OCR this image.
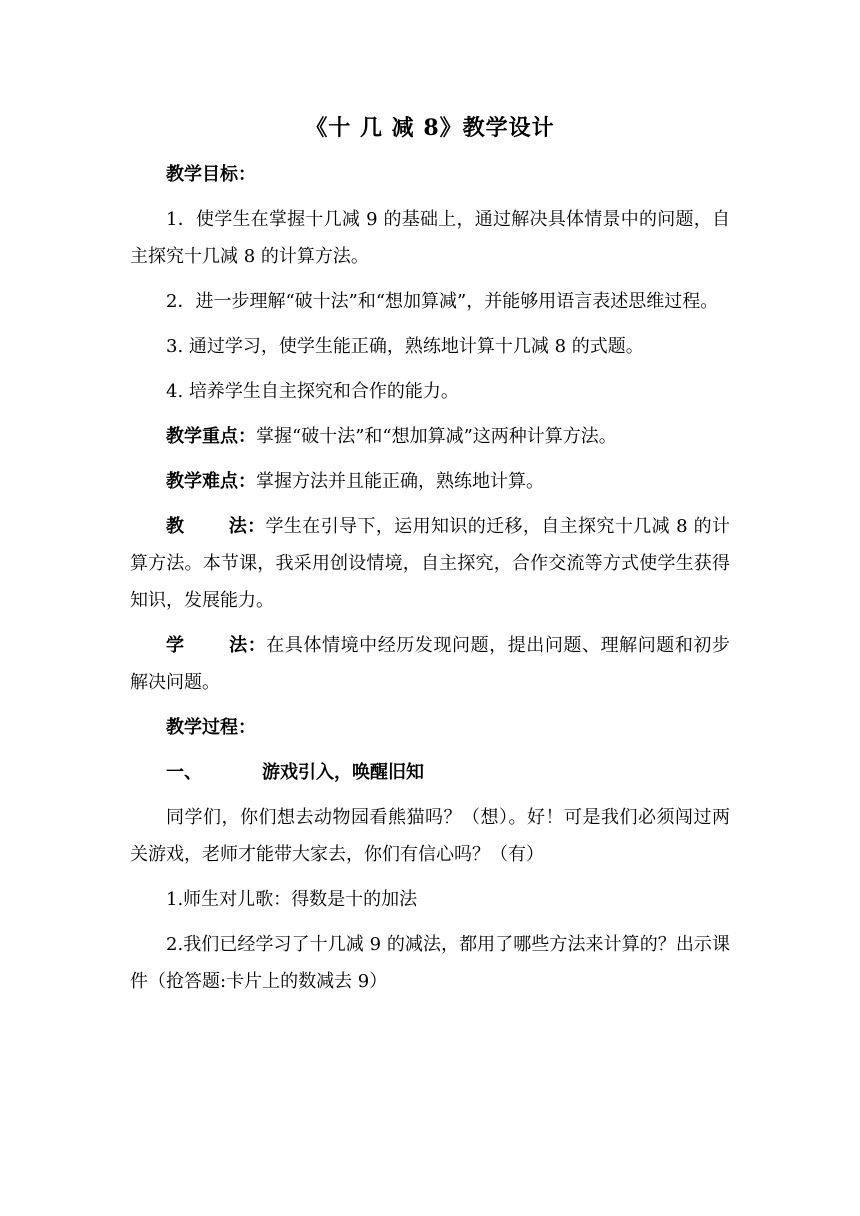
《十 几 减 8》教学设计

教学目标：

1．使学生在掌握十几减 9 的基础上，通过解决具体情景中的问题，自主探究十几减 8 的计算方法。

2．进一步理解“破十法”和“想加算减”，并能够用语言表述思维过程。

3. 通过学习，使学生能正确，熟练地计算十几减 8 的式题。

4. 培养学生自主探究和合作的能力。

教学重点：掌握“破十法”和“想加算减”这两种计算方法。

教学难点：掌握方法并且能正确，熟练地计算。

教 法：学生在引导下，运用知识的迁移，自主探究十几减 8 的计算方法。本节课，我采用创设情境，自主探究，合作交流等方式使学生获得知识，发展能力。

学 法：在具体情境中经历发现问题，提出问题、理解问题和初步解决问题。

教学过程：

一、	游戏引入，唤醒旧知

同学们，你们想去动物园看熊猫吗？（想）。好！可是我们必须闯过两关游戏，老师才能带大家去，你们有信心吗？（有）

1.师生对儿歌：得数是十的加法

2.我们已经学习了十几减 9 的减法，都用了哪些方法来计算的？出示课件（抢答题:卡片上的数减去 9）
